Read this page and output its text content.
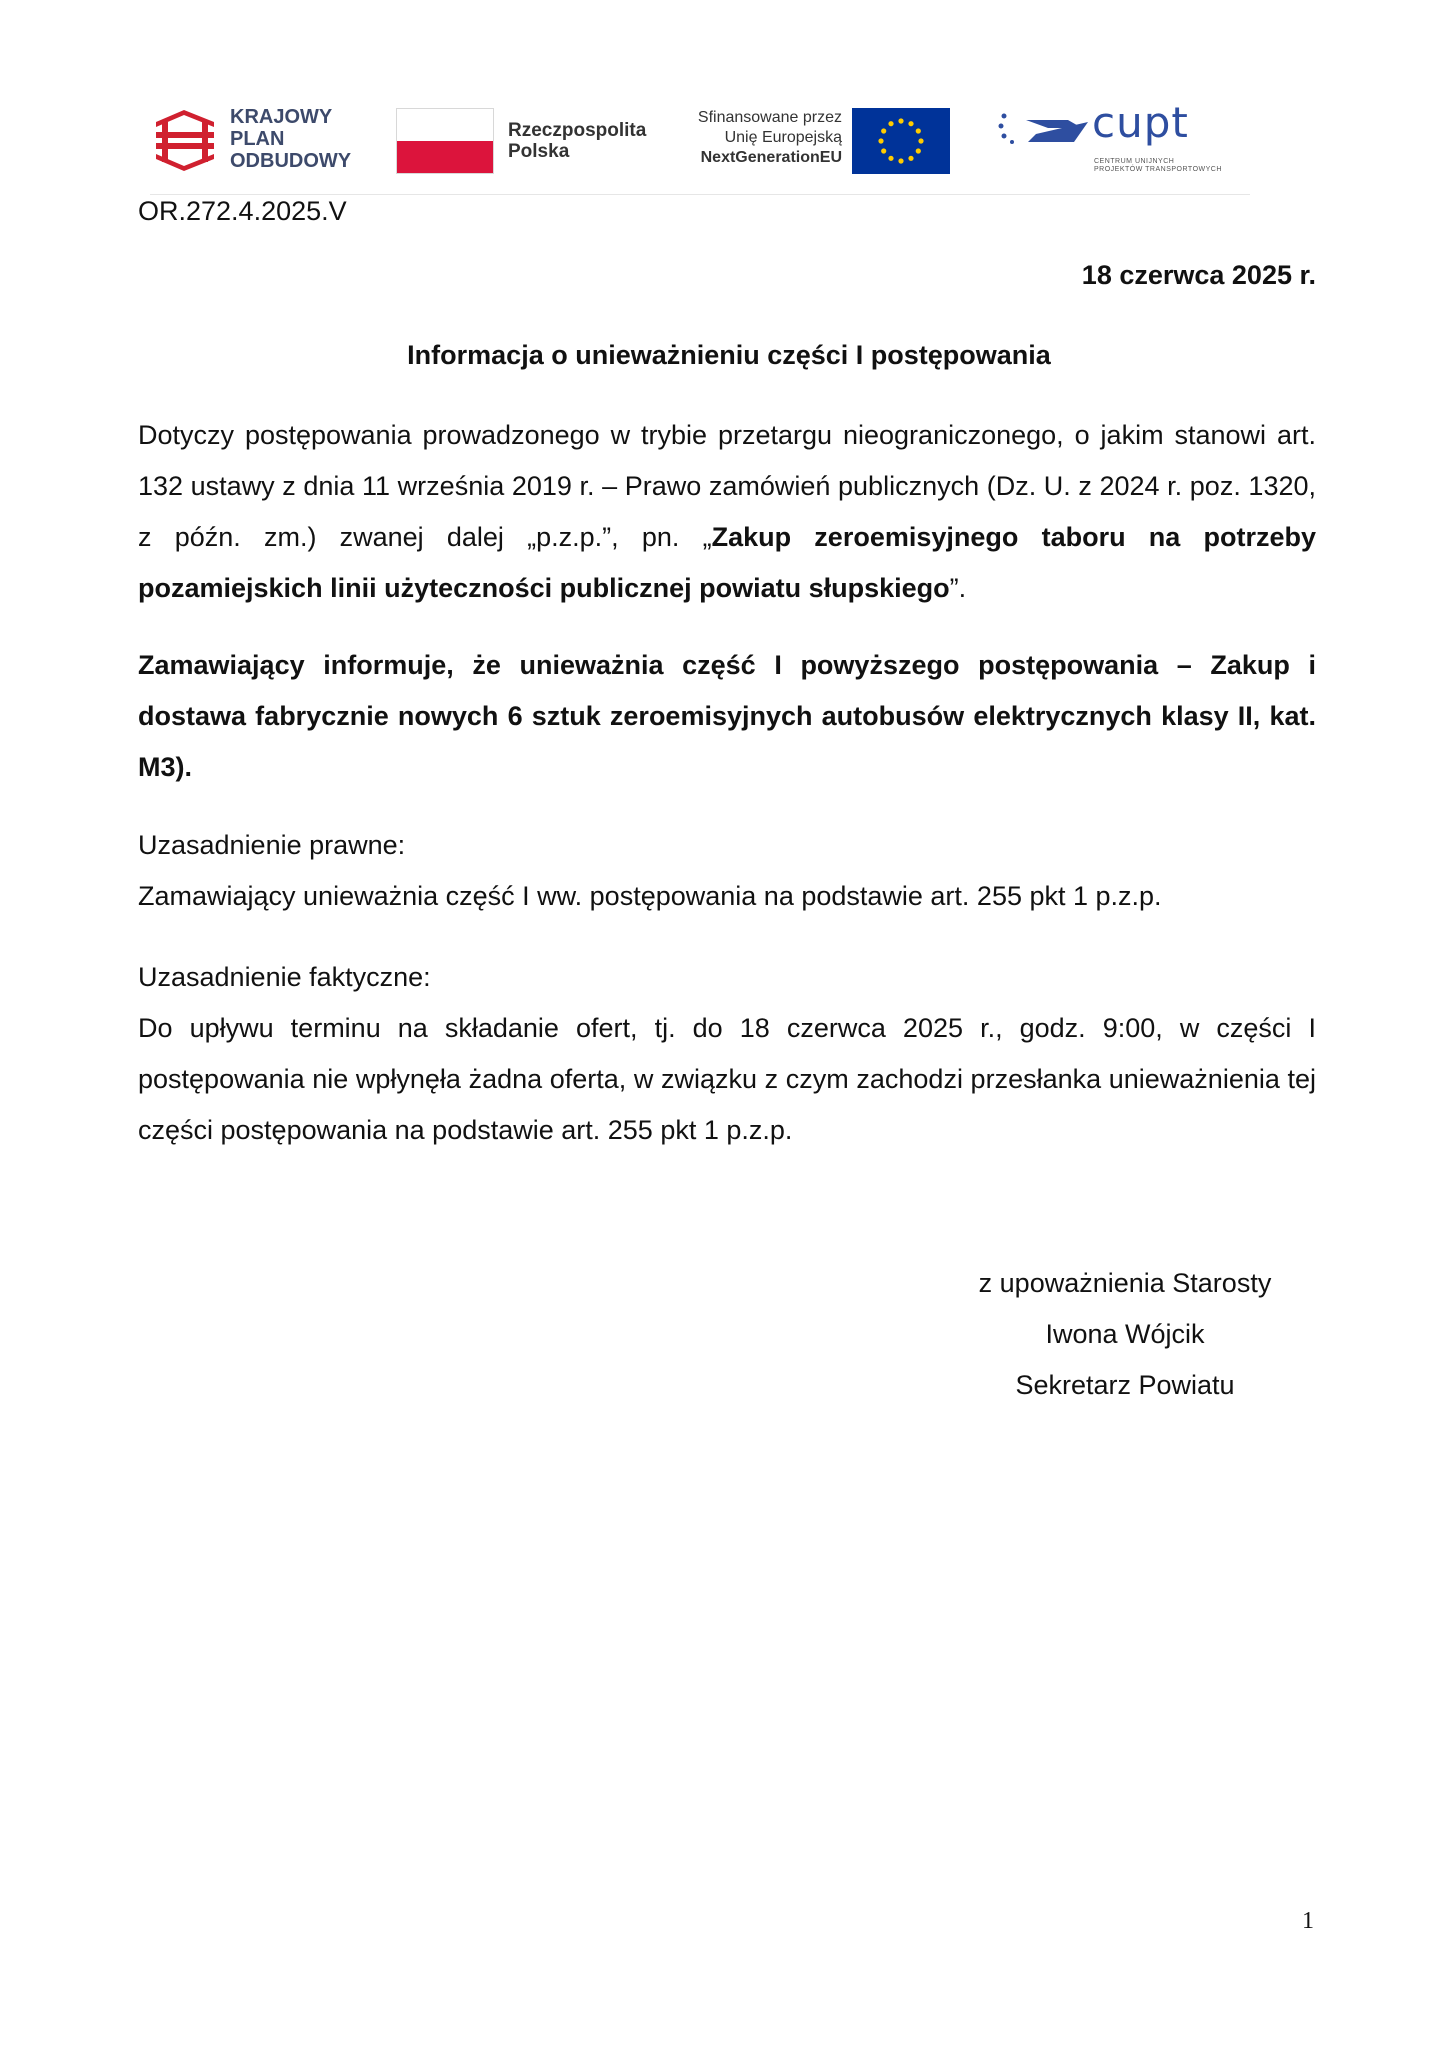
KRAJOWY
PLAN
ODBUDOWY
Rzeczpospolita
Polska
Sfinansowane przez
Unię Europejską
NextGenerationEU
cupt
CENTRUM UNIJNYCH
PROJEKTÓW TRANSPORTOWYCH
OR.272.4.2025.V
18 czerwca 2025 r.
Informacja o unieważnieniu części I postępowania
Dotyczy postępowania prowadzonego w trybie przetargu nieograniczonego, o jakim stanowi art. 132 ustawy z dnia 11 września 2019 r. – Prawo zamówień publicznych (Dz. U. z 2024 r. poz. 1320, z późn. zm.) zwanej dalej „p.z.p.”, pn. „Zakup zeroemisyjnego taboru na potrzeby pozamiejskich linii użyteczności publicznej powiatu słupskiego”.
Zamawiający informuje, że unieważnia część I powyższego postępowania – Zakup i dostawa fabrycznie nowych 6 sztuk zeroemisyjnych autobusów elektrycznych klasy II, kat. M3).
Uzasadnienie prawne:
Zamawiający unieważnia część I ww. postępowania na podstawie art. 255 pkt 1 p.z.p.
Uzasadnienie faktyczne:
Do upływu terminu na składanie ofert, tj. do 18 czerwca 2025 r., godz. 9:00, w części I postępowania nie wpłynęła żadna oferta, w związku z czym zachodzi przesłanka unieważnienia tej części postępowania na podstawie art. 255 pkt 1 p.z.p.
z upoważnienia Starosty
Iwona Wójcik
Sekretarz Powiatu
1
